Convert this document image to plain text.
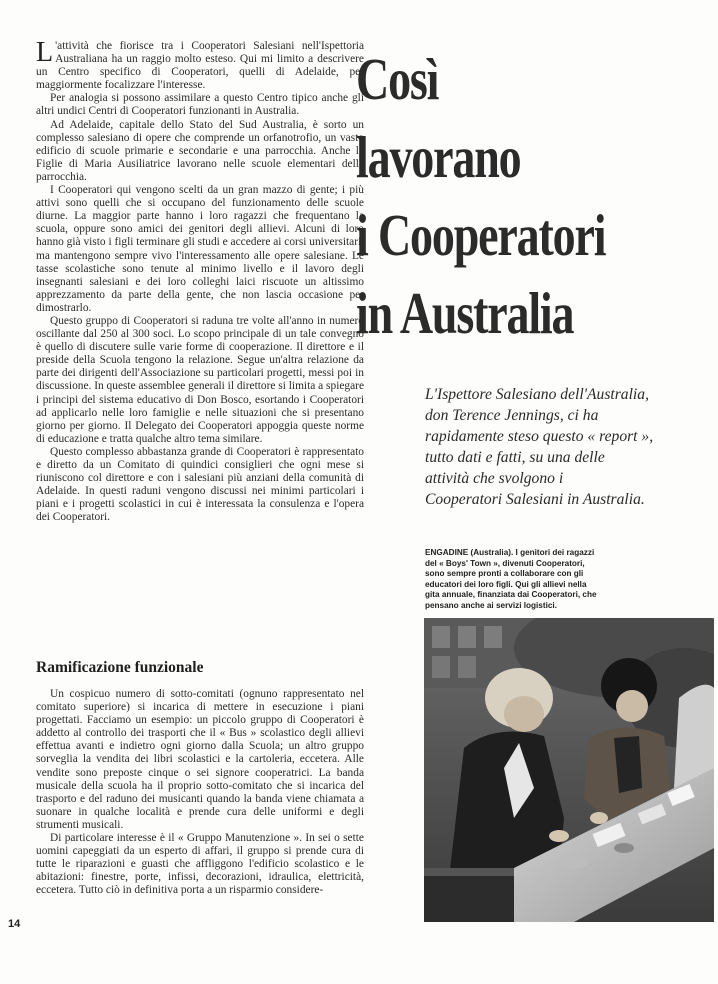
L 'attività che fiorisce tra i Cooperatori Salesiani nell'Ispettoria Australiana ha un raggio molto esteso. Qui mi limito a descrivere un Centro specifico di Cooperatori, quelli di Adelaide, per maggiormente focalizzare l'interesse.

Per analogia si possono assimilare a questo Centro tipico anche gli altri undici Centri di Cooperatori funzionanti in Australia.

Ad Adelaide, capitale dello Stato del Sud Australia, è sorto un complesso salesiano di opere che comprende un orfanotrofio, un vasto edificio di scuole primarie e secondarie e una parrocchia. Anche le Figlie di Maria Ausiliatrice lavorano nelle scuole elementari della parrocchia.

I Cooperatori qui vengono scelti da un gran mazzo di gente; i più attivi sono quelli che si occupano del funzionamento delle scuole diurne. La maggior parte hanno i loro ragazzi che frequentano la scuola, oppure sono amici dei genitori degli allievi. Alcuni di loro hanno già visto i figli terminare gli studi e accedere ai corsi universitari, ma mantengono sempre vivo l'interessamento alle opere salesiane. Le tasse scolastiche sono tenute al minimo livello e il lavoro degli insegnanti salesiani e dei loro colleghi laici riscuote un altissimo apprezzamento da parte della gente, che non lascia occasione per dimostrarlo.

Questo gruppo di Cooperatori si raduna tre volte all'anno in numero oscillante dal 250 al 300 soci. Lo scopo principale di un tale convegno è quello di discutere sulle varie forme di cooperazione. Il direttore e il preside della Scuola tengono la relazione. Segue un'altra relazione da parte dei dirigenti dell'Associazione su particolari progetti, messi poi in discussione. In queste assemblee generali il direttore si limita a spiegare i principi del sistema educativo di Don Bosco, esortando i Cooperatori ad applicarlo nelle loro famiglie e nelle situazioni che si presentano giorno per giorno. Il Delegato dei Cooperatori appoggia queste norme di educazione e tratta qualche altro tema similare.

Questo complesso abbastanza grande di Cooperatori è rappresentato e diretto da un Comitato di quindici consiglieri che ogni mese si riuniscono col direttore e con i salesiani più anziani della comunità di Adelaide. In questi raduni vengono discussi nei minimi particolari i piani e i progetti scolastici in cui è interessata la consulenza e l'opera dei Cooperatori.

Ramificazione funzionale

Un cospicuo numero di sotto-comitati (ognuno rappresentato nel comitato superiore) si incarica di mettere in esecuzione i piani progettati. Facciamo un esempio: un piccolo gruppo di Cooperatori è addetto al controllo dei trasporti che il « Bus » scolastico degli allievi effettua avanti e indietro ogni giorno dalla Scuola; un altro gruppo sorveglia la vendita dei libri scolastici e la cartoleria, eccetera. Alle vendite sono preposte cinque o sei signore cooperatrici. La banda musicale della scuola ha il proprio sotto-comitato che si incarica del trasporto e del raduno dei musicanti quando la banda viene chiamata a suonare in qualche località e prende cura delle uniformi e degli strumenti musicali.

Di particolare interesse è il « Gruppo Manutenzione ». In sei o sette uomini capeggiati da un esperto di affari, il gruppo si prende cura di tutte le riparazioni e guasti che affliggono l'edificio scolastico e le abitazioni: finestre, porte, infissi, decorazioni, idraulica, elettricità, eccetera. Tutto ciò in definitiva porta a un risparmio considere-

14
Così
lavorano
i Cooperatori
in Australia
L'Ispettore Salesiano dell'Australia,
don Terence Jennings, ci ha
rapidamente steso questo « report »,
tutto dati e fatti, su una delle
attività che svolgono i
Cooperatori Salesiani in Australia.
ENGADINE (Australia). I genitori dei ragazzi
del « Boys' Town », divenuti Cooperatori,
sono sempre pronti a collaborare con gli
educatori dei loro figli. Qui gli allievi nella
gita annuale, finanziata dai Cooperatori, che
pensano anche ai servizi logistici.
